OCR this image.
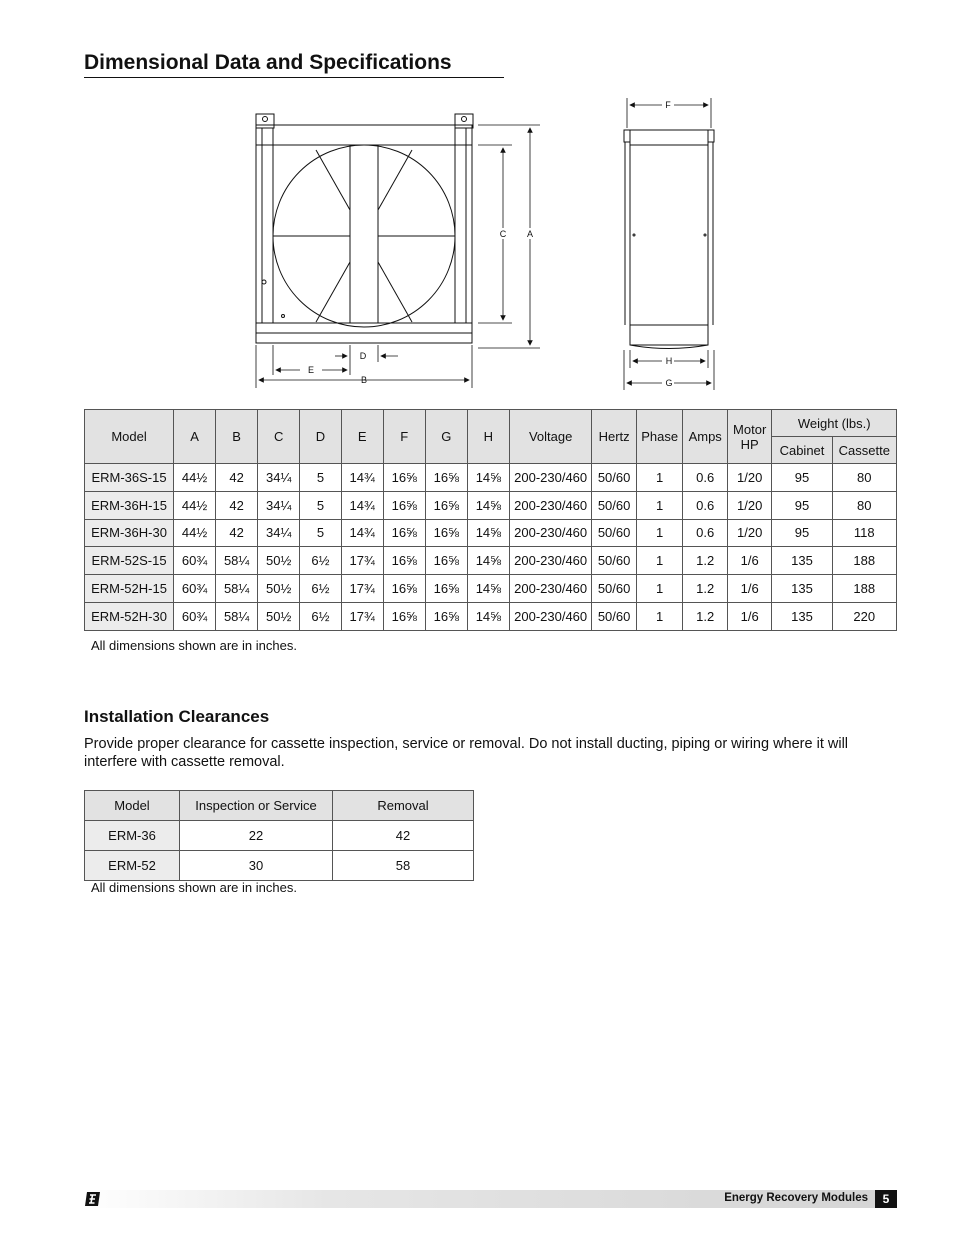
Dimensional Data and Specifications
A
C
B
E
D
F
H
G
Model	A	B	C	D	E	F	G	H	Voltage	Hertz	Phase	Amps	Motor HP	Weight (lbs.)	
														Cabinet	Cassette
ERM-36S-15	44½	42	34¼	5	14¾	16⅝	16⅝	14⅝	200-230/460	50/60	1	0.6	1/20	95	80
ERM-36H-15	44½	42	34¼	5	14¾	16⅝	16⅝	14⅝	200-230/460	50/60	1	0.6	1/20	95	80
ERM-36H-30	44½	42	34¼	5	14¾	16⅝	16⅝	14⅝	200-230/460	50/60	1	0.6	1/20	95	118
ERM-52S-15	60¾	58¼	50½	6½	17¾	16⅝	16⅝	14⅝	200-230/460	50/60	1	1.2	1/6	135	188
ERM-52H-15	60¾	58¼	50½	6½	17¾	16⅝	16⅝	14⅝	200-230/460	50/60	1	1.2	1/6	135	188
ERM-52H-30	60¾	58¼	50½	6½	17¾	16⅝	16⅝	14⅝	200-230/460	50/60	1	1.2	1/6	135	220
All dimensions shown are in inches.
Installation Clearances
Provide proper clearance for cassette inspection, service or removal. Do not install ducting, piping or wiring where it will interfere with cassette removal.
Model	Inspection or Service	Removal
ERM-36	22	42
ERM-52	30	58
All dimensions shown are in inches.
Energy Recovery Modules	5
